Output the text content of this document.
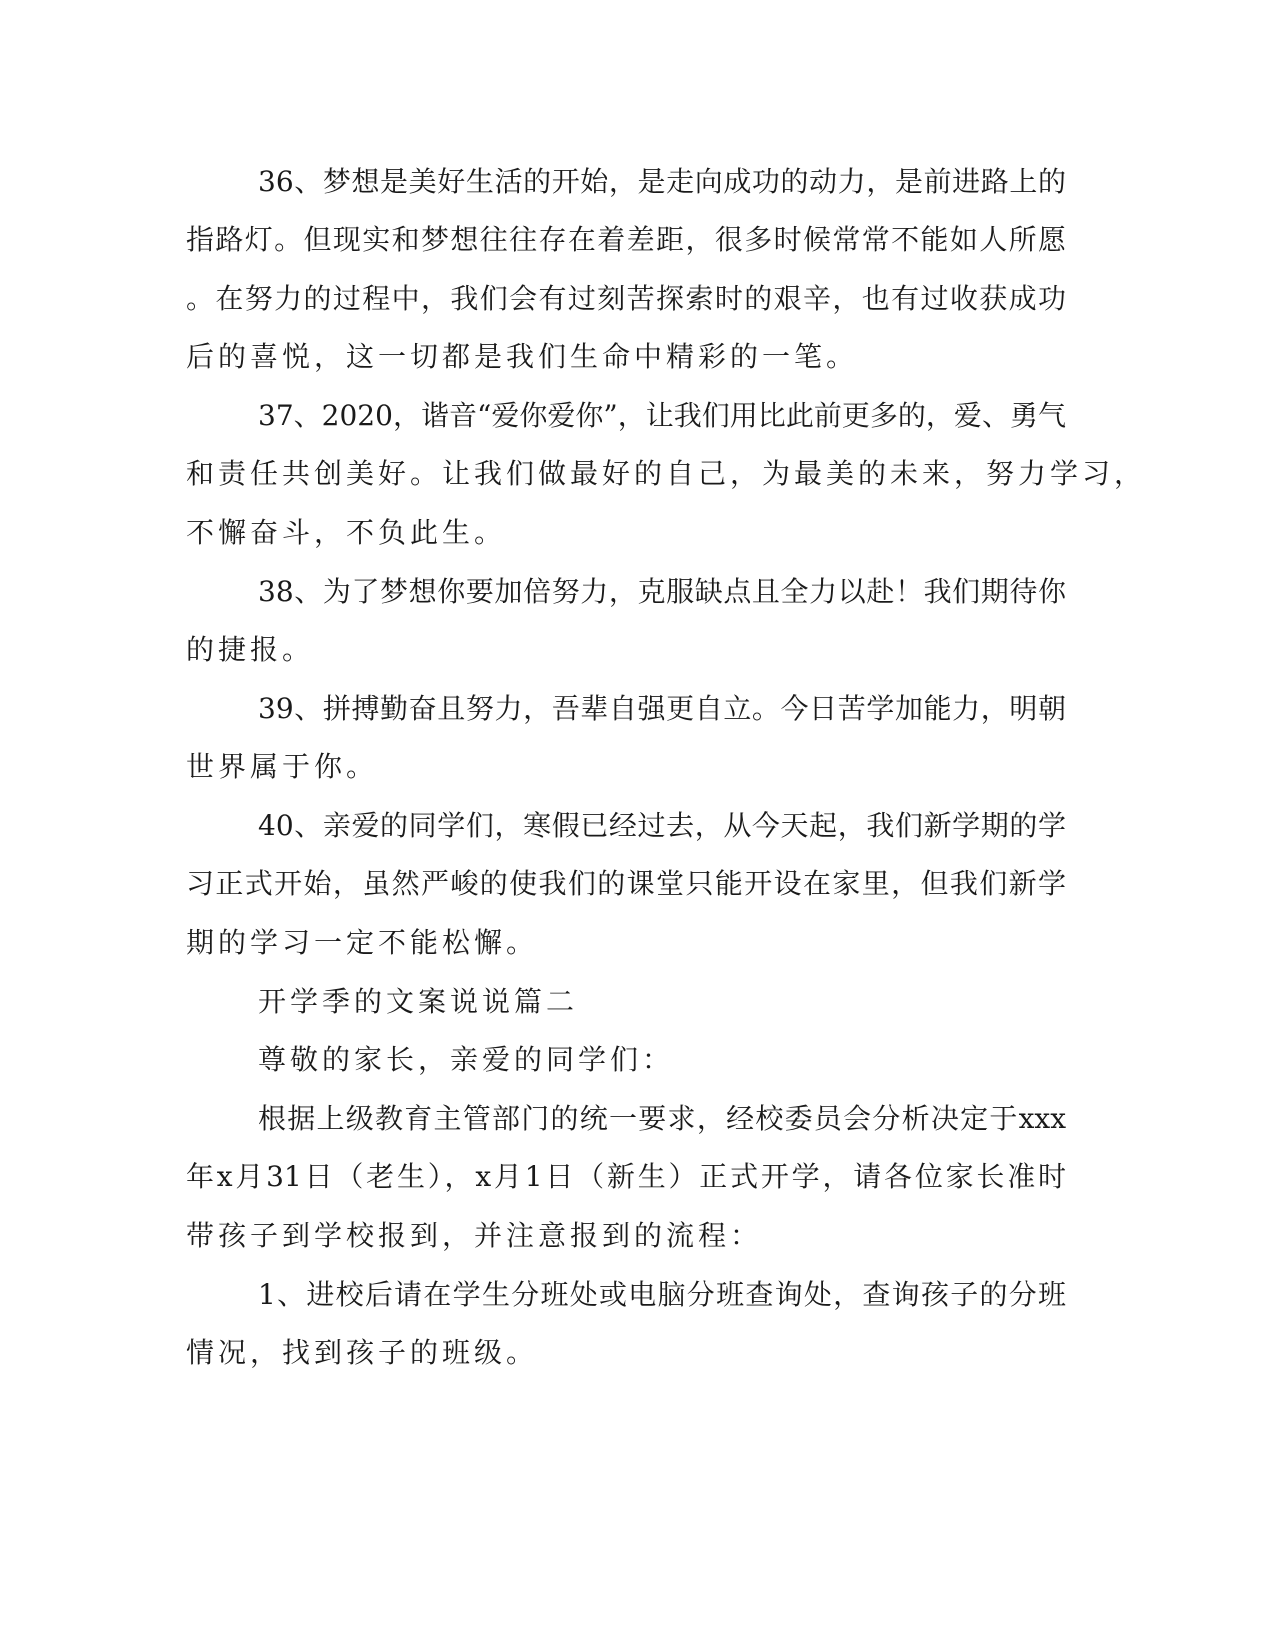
36、梦想是美好生活的开始，是走向成功的动力，是前进路上的
指路灯。但现实和梦想往往存在着差距，很多时候常常不能如人所愿
。在努力的过程中，我们会有过刻苦探索时的艰辛，也有过收获成功
后的喜悦，这一切都是我们生命中精彩的一笔。
37、2020，谐音“爱你爱你”，让我们用比此前更多的，爱、勇气
和责任共创美好。让我们做最好的自己，为最美的未来，努力学习，
不懈奋斗，不负此生。
38、为了梦想你要加倍努力，克服缺点且全力以赴！我们期待你
的捷报。
39、拼搏勤奋且努力，吾辈自强更自立。今日苦学加能力，明朝
世界属于你。
40、亲爱的同学们，寒假已经过去，从今天起，我们新学期的学
习正式开始，虽然严峻的使我们的课堂只能开设在家里，但我们新学
期的学习一定不能松懈。
开学季的文案说说篇二
尊敬的家长，亲爱的同学们：
根据上级教育主管部门的统一要求，经校委员会分析决定于xxx
年x月31日（老生），x月1日（新生）正式开学，请各位家长准时
带孩子到学校报到，并注意报到的流程：
1、进校后请在学生分班处或电脑分班查询处，查询孩子的分班
情况，找到孩子的班级。
